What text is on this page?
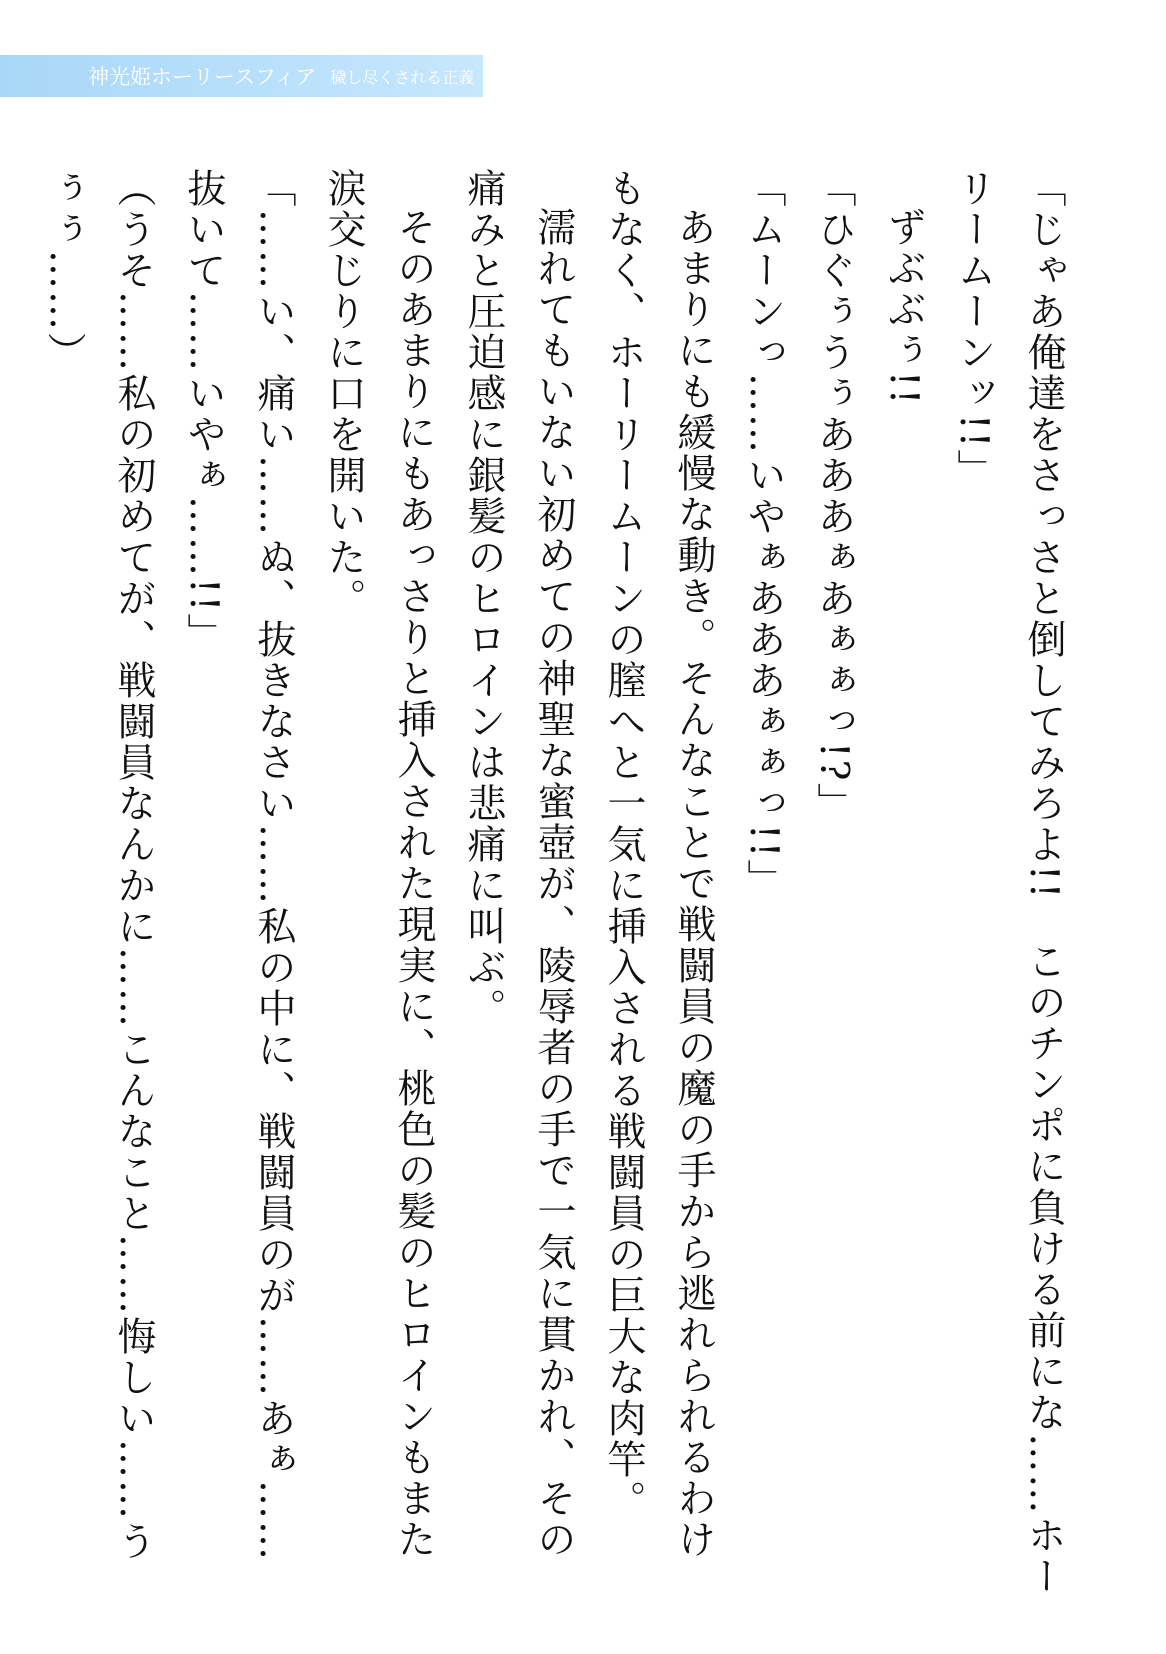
神光姫ホーリースフィア 穢し尽くされる正義

「じゃあ俺達をさっさと倒してみろよ!!　このチンポに負ける前にな……ホーリームーンッ!!」

ずぶぶぅ!!

「ひぐぅうぅあああぁあぁぁっ!?」

「ムーンっ……いやぁあああぁぁっ!!」

あまりにも緩慢な動き。そんなことで戦闘員の魔の手から逃れられるわけもなく、ホーリームーンの膣へと一気に挿入される戦闘員の巨大な肉竿。

濡れてもいない初めての神聖な蜜壺が、陵辱者の手で一気に貫かれ、その痛みと圧迫感に銀髪のヒロインは悲痛に叫ぶ。

そのあまりにもあっさりと挿入された現実に、桃色の髪のヒロインもまた涙交じりに口を開いた。

「……い、痛い……ぬ、抜きなさい……私の中に、戦闘員のが……あぁ……抜いて……いやぁ……!!」

（うそ……私の初めてが、戦闘員なんかに……こんなこと……悔しい……うぅぅ……）
